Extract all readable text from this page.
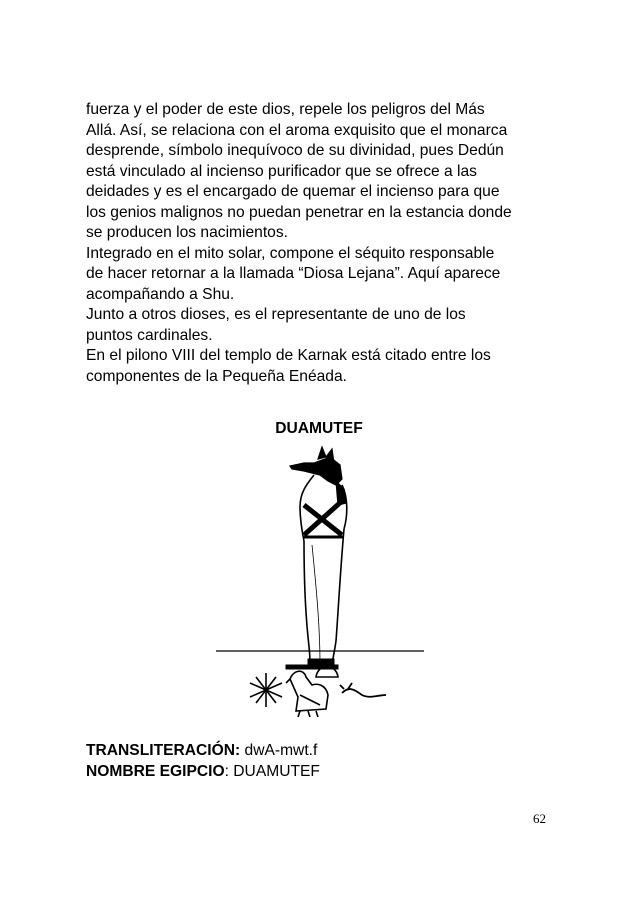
fuerza y el poder de este dios, repele los peligros del Más
Allá. Así, se relaciona con el aroma exquisito que el monarca
desprende, símbolo inequívoco de su divinidad, pues Dedún
está vinculado al incienso purificador que se ofrece a las
deidades y es el encargado de quemar el incienso para que
los genios malignos no puedan penetrar en la estancia donde
se producen los nacimientos.
Integrado en el mito solar, compone el séquito responsable
de hacer retornar a la llamada “Diosa Lejana”. Aquí aparece
acompañando a Shu.
Junto a otros dioses, es el representante de uno de los
puntos cardinales.
En el pilono VIII del templo de Karnak está citado entre los
componentes de la Pequeña Enéada.
DUAMUTEF
TRANSLITERACIÓN: dwA-mwt.f
NOMBRE EGIPCIO: DUAMUTEF
62
